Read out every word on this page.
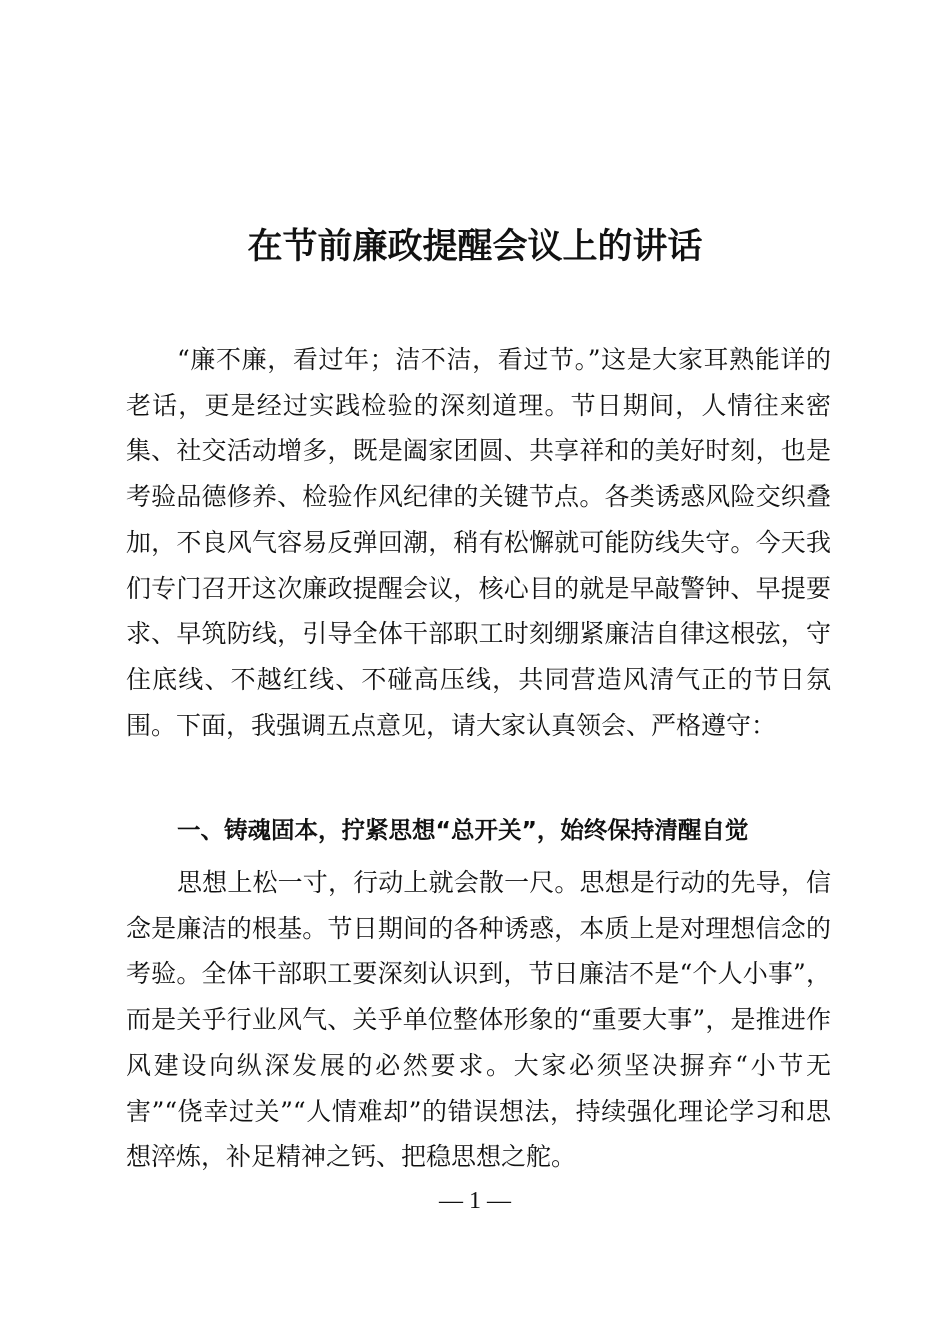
在节前廉政提醒会议上的讲话

“廉不廉，看过年；洁不洁，看过节。”这是大家耳熟能详的老话，更是经过实践检验的深刻道理。节日期间，人情往来密集、社交活动增多，既是阖家团圆、共享祥和的美好时刻，也是考验品德修养、检验作风纪律的关键节点。各类诱惑风险交织叠加，不良风气容易反弹回潮，稍有松懈就可能防线失守。今天我们专门召开这次廉政提醒会议，核心目的就是早敲警钟、早提要求、早筑防线，引导全体干部职工时刻绷紧廉洁自律这根弦，守住底线、不越红线、不碰高压线，共同营造风清气正的节日氛围。下面，我强调五点意见，请大家认真领会、严格遵守：

一、铸魂固本，拧紧思想“总开关”，始终保持清醒自觉

思想上松一寸，行动上就会散一尺。思想是行动的先导，信念是廉洁的根基。节日期间的各种诱惑，本质上是对理想信念的考验。全体干部职工要深刻认识到，节日廉洁不是“个人小事”，而是关乎行业风气、关乎单位整体形象的“重要大事”，是推进作风建设向纵深发展的必然要求。大家必须坚决摒弃“小节无害”“侥幸过关”“人情难却”的错误想法，持续强化理论学习和思想淬炼，补足精神之钙、把稳思想之舵。

— 1 —
